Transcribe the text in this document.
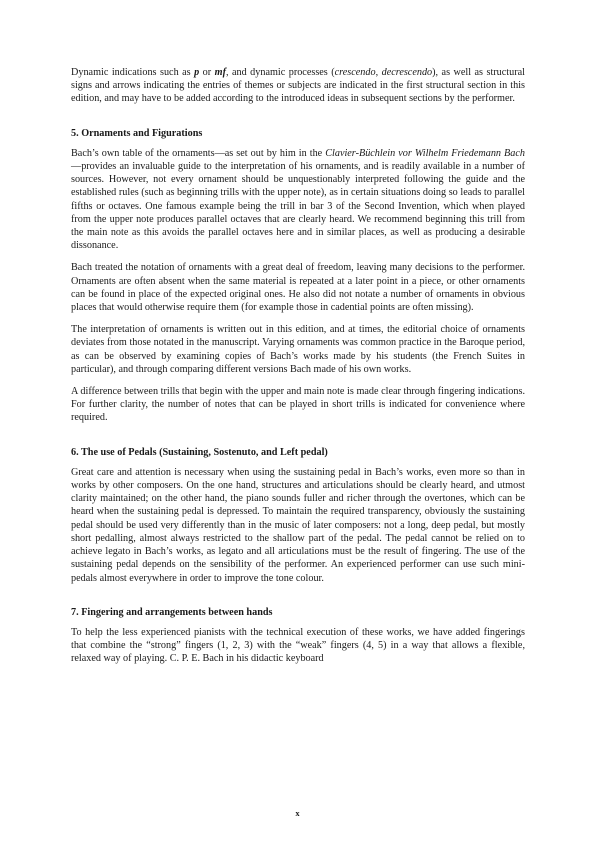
Dynamic indications such as p or mf, and dynamic processes (crescendo, decrescendo), as well as structural signs and arrows indicating the entries of themes or subjects are indicated in the first structural section in this edition, and may have to be added according to the introduced ideas in subsequent sections by the performer.

5. Ornaments and Figurations

Bach’s own table of the ornaments—as set out by him in the Clavier-Büchlein vor Wilhelm Friedemann Bach—provides an invaluable guide to the interpretation of his ornaments, and is readily available in a number of sources. However, not every ornament should be unquestionably interpreted following the guide and the established rules (such as beginning trills with the upper note), as in certain situations doing so leads to parallel fifths or octaves. One famous example being the trill in bar 3 of the Second Invention, which when played from the upper note produces parallel octaves that are clearly heard. We recommend beginning this trill from the main note as this avoids the parallel octaves here and in similar places, as well as producing a desirable dissonance.

Bach treated the notation of ornaments with a great deal of freedom, leaving many decisions to the performer. Ornaments are often absent when the same material is repeated at a later point in a piece, or other ornaments can be found in place of the expected original ones. He also did not notate a number of ornaments in obvious places that would otherwise require them (for example those in cadential points are often missing).

The interpretation of ornaments is written out in this edition, and at times, the editorial choice of ornaments deviates from those notated in the manuscript. Varying ornaments was common practice in the Baroque period, as can be observed by examining copies of Bach’s works made by his students (the French Suites in particular), and through comparing different versions Bach made of his own works.

A difference between trills that begin with the upper and main note is made clear through fingering indications. For further clarity, the number of notes that can be played in short trills is indicated for convenience where required.

6. The use of Pedals (Sustaining, Sostenuto, and Left pedal)

Great care and attention is necessary when using the sustaining pedal in Bach’s works, even more so than in works by other composers. On the one hand, structures and articulations should be clearly heard, and utmost clarity maintained; on the other hand, the piano sounds fuller and richer through the overtones, which can be heard when the sustaining pedal is depressed. To maintain the required transparency, obviously the sustaining pedal should be used very differently than in the music of later composers: not a long, deep pedal, but mostly short pedalling, almost always restricted to the shallow part of the pedal. The pedal cannot be relied on to achieve legato in Bach’s works, as legato and all articulations must be the result of fingering. The use of the sustaining pedal depends on the sensibility of the performer. An experienced performer can use such mini-pedals almost everywhere in order to improve the tone colour.

7. Fingering and arrangements between hands

To help the less experienced pianists with the technical execution of these works, we have added fingerings that combine the “strong” fingers (1, 2, 3) with the “weak” fingers (4, 5) in a way that allows a flexible, relaxed way of playing. C. P. E. Bach in his didactic keyboard

x
